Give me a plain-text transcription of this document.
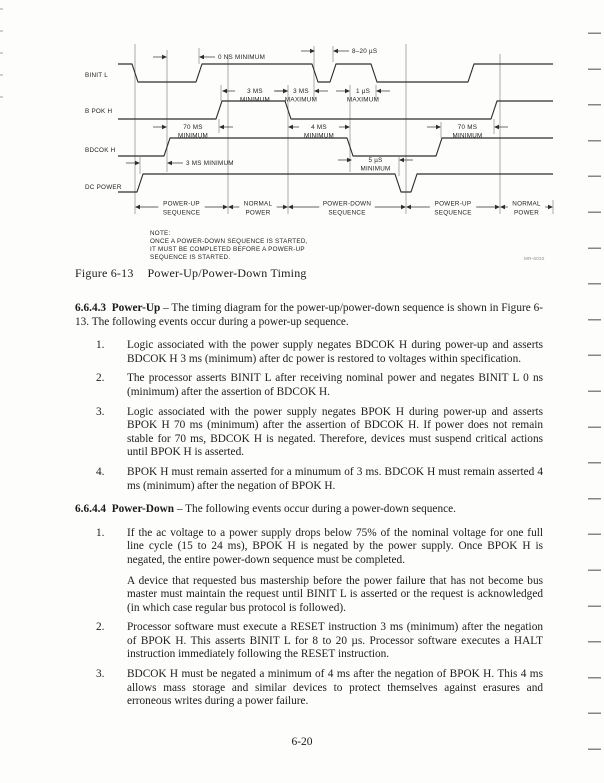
BINIT L
B POK H
BDCOK H
DC POWER
0 NS MINIMUM
8–20 µS
3 MS
MINIMUM
3 MS
MAXIMUM
1 µS
MAXIMUM
70 MS
MINIMUM
4 MS
MINIMUM
70 MS
MINIMUM
3 MS MINIMUM	5 µS
MINIMUM
POWER-UP
SEQUENCE
NORMAL
POWER
POWER-DOWN
SEQUENCE
POWER-UP
SEQUENCE
NORMAL
POWER
NOTE:
ONCE A POWER-DOWN SEQUENCE IS STARTED,
IT MUST BE COMPLETED BEFORE A POWER-UP
SEQUENCE IS STARTED.	MR-6032
Figure 6-13 Power-Up/Power-Down Timing

6.6.4.3  Power-Up – The timing diagram for the power-up/power-down sequence is shown in Figure 6-13. The following events occur during a power-up sequence.

1.	Logic associated with the power supply negates BDCOK H during power-up and asserts BDCOK H 3 ms (minimum) after dc power is restored to voltages within specification.

2.	The processor asserts BINIT L after receiving nominal power and negates BINIT L 0 ns (minimum) after the assertion of BDCOK H.

3.	Logic associated with the power supply negates BPOK H during power-up and asserts BPOK H 70 ms (minimum) after the assertion of BDCOK H. If power does not remain stable for 70 ms, BDCOK H is negated. Therefore, devices must suspend critical actions until BPOK H is asserted.

4.	BPOK H must remain asserted for a minumum of 3 ms. BDCOK H must remain asserted 4 ms (minimum) after the negation of BPOK H.

6.6.4.4  Power-Down – The following events occur during a power-down sequence.

1.	If the ac voltage to a power supply drops below 75% of the nominal voltage for one full line cycle (15 to 24 ms), BPOK H is negated by the power supply. Once BPOK H is negated, the entire power-down sequence must be completed.

A device that requested bus mastership before the power failure that has not become bus master must maintain the request until BINIT L is asserted or the request is acknowledged (in which case regular bus protocol is followed).

2.	Processor software must execute a RESET instruction 3 ms (minimum) after the negation of BPOK H. This asserts BINIT L for 8 to 20 µs. Processor software executes a HALT instruction immediately following the RESET instruction.

3.	BDCOK H must be negated a minimum of 4 ms after the negation of BPOK H. This 4 ms allows mass storage and similar devices to protect themselves against erasures and erroneous writes during a power failure.

6-20
